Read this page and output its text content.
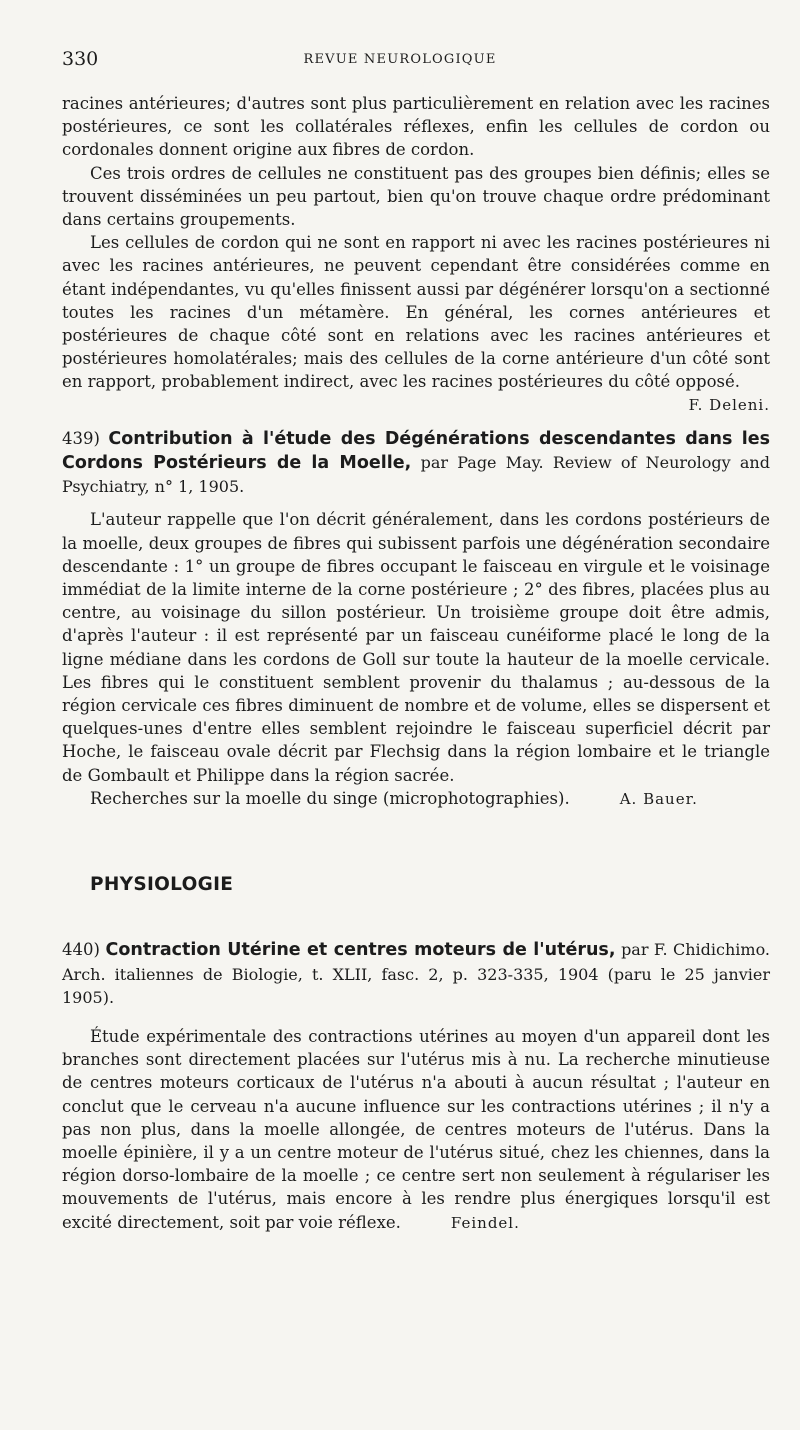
330	REVUE NEUROLOGIQUE

racines antérieures; d'autres sont plus particulièrement en relation avec les racines postérieures, ce sont les collatérales réflexes, enfin les cellules de cordon ou cordonales donnent origine aux fibres de cordon.

Ces trois ordres de cellules ne constituent pas des groupes bien définis; elles se trouvent disséminées un peu partout, bien qu'on trouve chaque ordre prédominant dans certains groupements.

Les cellules de cordon qui ne sont en rapport ni avec les racines postérieures ni avec les racines antérieures, ne peuvent cependant être considérées comme en étant indépendantes, vu qu'elles finissent aussi par dégénérer lorsqu'on a sectionné toutes les racines d'un métamère. En général, les cornes antérieures et postérieures de chaque côté sont en relations avec les racines antérieures et postérieures homolatérales; mais des cellules de la corne antérieure d'un côté sont en rapport, probablement indirect, avec les racines postérieures du côté opposé.

F. Deleni.

439) Contribution à l'étude des Dégénérations descendantes dans les Cordons Postérieurs de la Moelle, par Page May. Review of Neurology and Psychiatry, n° 1, 1905.

L'auteur rappelle que l'on décrit généralement, dans les cordons postérieurs de la moelle, deux groupes de fibres qui subissent parfois une dégénération secondaire descendante : 1° un groupe de fibres occupant le faisceau en virgule et le voisinage immédiat de la limite interne de la corne postérieure ; 2° des fibres, placées plus au centre, au voisinage du sillon postérieur. Un troisième groupe doit être admis, d'après l'auteur : il est représenté par un faisceau cunéiforme placé le long de la ligne médiane dans les cordons de Goll sur toute la hauteur de la moelle cervicale. Les fibres qui le constituent semblent provenir du thalamus ; au-dessous de la région cervicale ces fibres diminuent de nombre et de volume, elles se dispersent et quelques-unes d'entre elles semblent rejoindre le faisceau superficiel décrit par Hoche, le faisceau ovale décrit par Flechsig dans la région lombaire et le triangle de Gombault et Philippe dans la région sacrée.

Recherches sur la moelle du singe (microphotographies).	A. Bauer.

PHYSIOLOGIE

440) Contraction Utérine et centres moteurs de l'utérus, par F. Chidichimo. Arch. italiennes de Biologie, t. XLII, fasc. 2, p. 323-335, 1904 (paru le 25 janvier 1905).

Étude expérimentale des contractions utérines au moyen d'un appareil dont les branches sont directement placées sur l'utérus mis à nu. La recherche minutieuse de centres moteurs corticaux de l'utérus n'a abouti à aucun résultat ; l'auteur en conclut que le cerveau n'a aucune influence sur les contractions utérines ; il n'y a pas non plus, dans la moelle allongée, de centres moteurs de l'utérus. Dans la moelle épinière, il y a un centre moteur de l'utérus situé, chez les chiennes, dans la région dorso-lombaire de la moelle ; ce centre sert non seulement à régulariser les mouvements de l'utérus, mais encore à les rendre plus énergiques lorsqu'il est excité directement, soit par voie réflexe.	Feindel.
